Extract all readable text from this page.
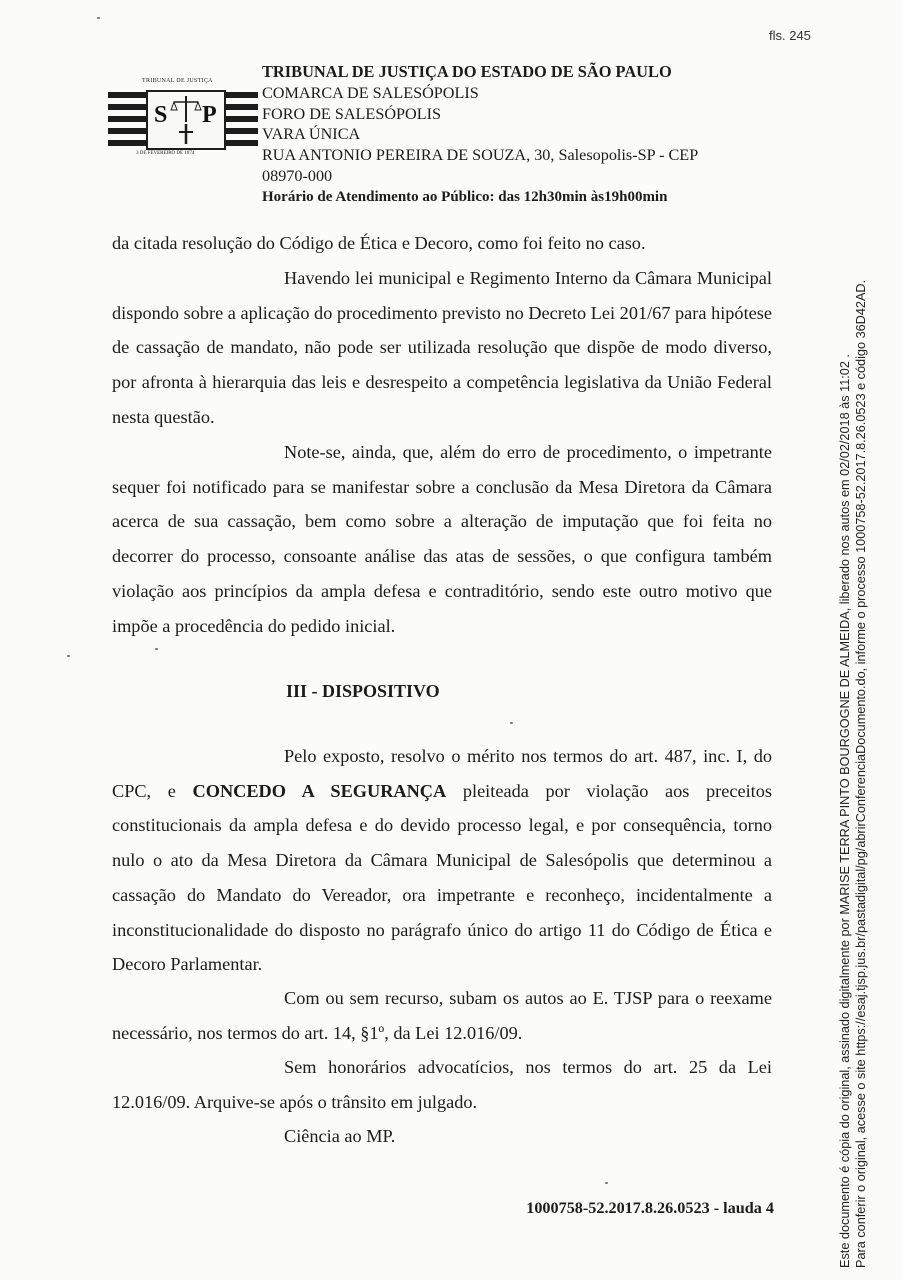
fls. 245
TRIBUNAL DE JUSTIÇA
S P
3 DE FEVEREIRO DE 1874
TRIBUNAL DE JUSTIÇA DO ESTADO DE SÃO PAULO
COMARCA DE SALESÓPOLIS
FORO DE SALESÓPOLIS
VARA ÚNICA
RUA ANTONIO PEREIRA DE SOUZA, 30, Salesopolis-SP - CEP
08970-000
Horário de Atendimento ao Público: das 12h30min às19h00min

da citada resolução do Código de Ética e Decoro, como foi feito no caso.

Havendo lei municipal e Regimento Interno da Câmara Municipal dispondo sobre a aplicação do procedimento previsto no Decreto Lei 201/67 para hipótese de cassação de mandato, não pode ser utilizada resolução que dispõe de modo diverso, por afronta à hierarquia das leis e desrespeito a competência legislativa da União Federal nesta questão.

Note-se, ainda, que, além do erro de procedimento, o impetrante sequer foi notificado para se manifestar sobre a conclusão da Mesa Diretora da Câmara acerca de sua cassação, bem como sobre a alteração de imputação que foi feita no decorrer do processo, consoante análise das atas de sessões, o que configura também violação aos princípios da ampla defesa e contraditório, sendo este outro motivo que impõe a procedência do pedido inicial.

III - DISPOSITIVO

Pelo exposto, resolvo o mérito nos termos do art. 487, inc. I, do CPC, e CONCEDO A SEGURANÇA pleiteada por violação aos preceitos constitucionais da ampla defesa e do devido processo legal, e por consequência, torno nulo o ato da Mesa Diretora da Câmara Municipal de Salesópolis que determinou a cassação do Mandato do Vereador, ora impetrante e reconheço, incidentalmente a inconstitucionalidade do disposto no parágrafo único do artigo 11 do Código de Ética e Decoro Parlamentar.

Com ou sem recurso, subam os autos ao E. TJSP para o reexame necessário, nos termos do art. 14, §1º, da Lei 12.016/09.

Sem honorários advocatícios, nos termos do art. 25 da Lei 12.016/09. Arquive-se após o trânsito em julgado.

Ciência ao MP.

1000758-52.2017.8.26.0523 - lauda 4	Este documento é cópia do original, assinado digitalmente por MARISE TERRA PINTO BOURGOGNE DE ALMEIDA, liberado nos autos em 02/02/2018 às 11:02 . Para conferir o original, acesse o site https://esaj.tjsp.jus.br/pastadigital/pg/abrirConferenciaDocumento.do, informe o processo 1000758-52.2017.8.26.0523 e código 36D42AD.
